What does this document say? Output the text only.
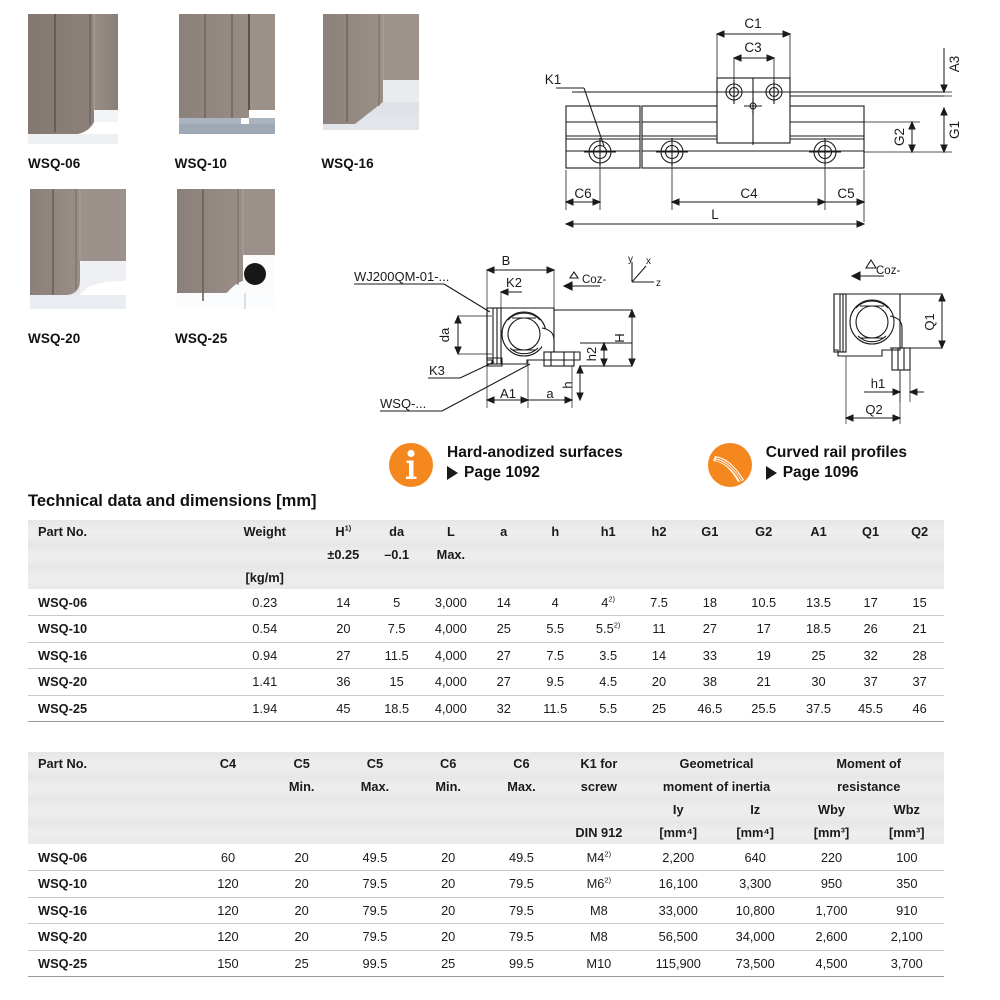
WSQ-06	WSQ-10	WSQ-16
WSQ-20	WSQ-25
C1
C3
A3
G1
G2
K1
C6	C4	C5
L
B
K2
WJ200QM-01-...
da
K3
WSQ-...
A1 a
h
h2
H
Coz-
y x
z
Q1
h1
Q2
Coz-
Hard-anodized surfaces
Page 1092
Curved rail profiles
Page 1096
Technical data and dimensions [mm]
Part No.	Weight	$H^{1)}$	da	L	a	h	h1	h2	G1	G2	A1	Q1	Q2
		±0.25	–0.1	Max.									
	[kg/m]												
WSQ-06	0.23	14	5	3,000	14	4	4$^{2)}$	7.5	18	10.5	13.5	17	15
WSQ-10	0.54	20	7.5	4,000	25	5.5	5.5$^{2)}$	11	27	17	18.5	26	21
WSQ-16	0.94	27	11.5	4,000	27	7.5	3.5	14	33	19	25	32	28
WSQ-20	1.41	36	15	4,000	27	9.5	4.5	20	38	21	30	37	37
WSQ-25	1.94	45	18.5	4,000	32	11.5	5.5	25	46.5	25.5	37.5	45.5	46
Part No.	C4	C5	C5	C6	C6	K1 for	Geometrical		Moment of	
		Min.	Max.	Min.	Max.	screw	moment of inertia		resistance	
							Iy	Iz	Wby	Wbz
						DIN 912	[mm⁴]	[mm⁴]	[mm³]	[mm³]
WSQ-06	60	20	49.5	20	49.5	M4$^{2)}$	2,200	640	220	100
WSQ-10	120	20	79.5	20	79.5	M6$^{2)}$	16,100	3,300	950	350
WSQ-16	120	20	79.5	20	79.5	M8	33,000	10,800	1,700	910
WSQ-20	120	20	79.5	20	79.5	M8	56,500	34,000	2,600	2,100
WSQ-25	150	25	99.5	25	99.5	M10	115,900	73,500	4,500	3,700
